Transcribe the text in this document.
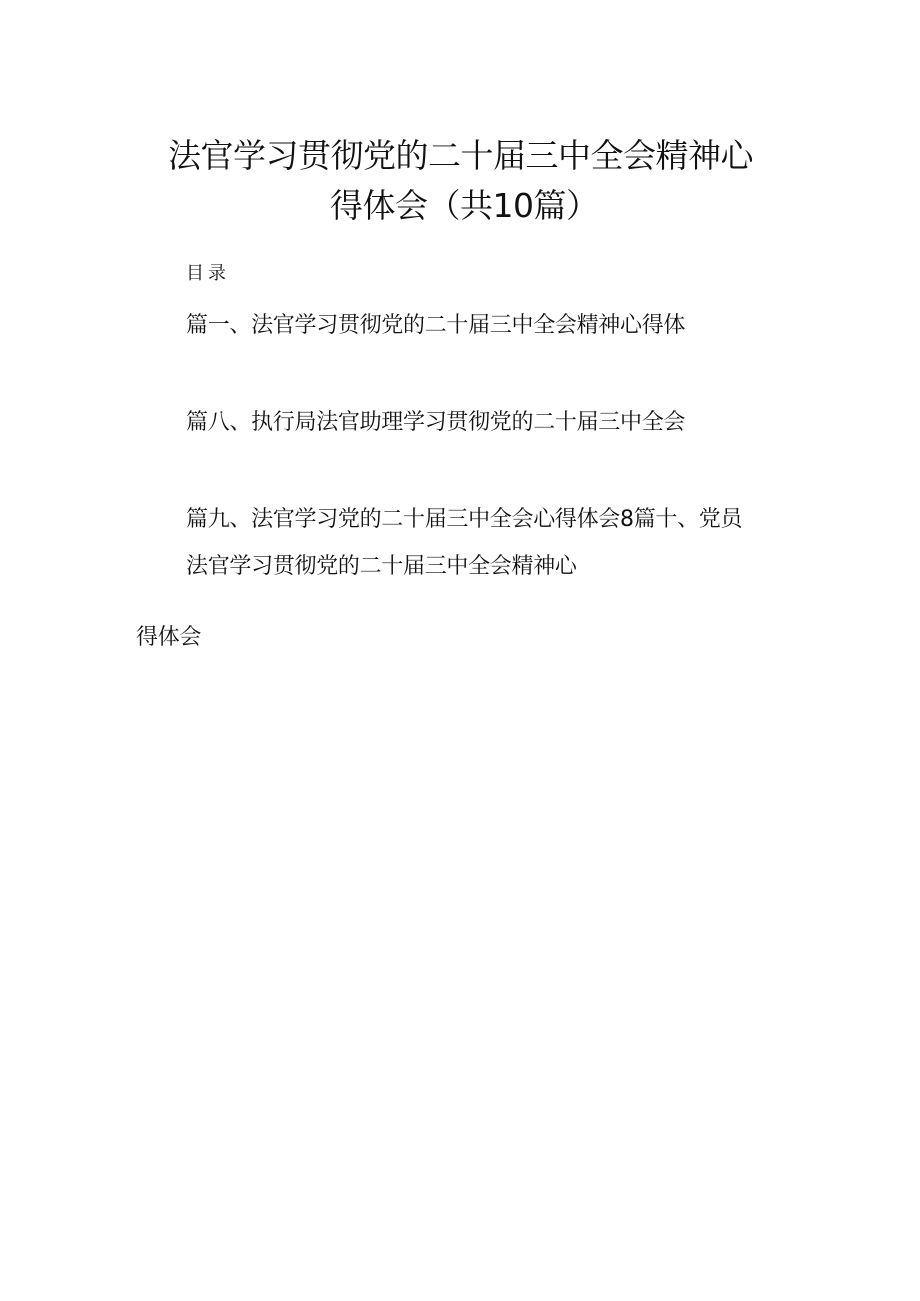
法官学习贯彻党的二十届三中全会精神心
得体会（共10篇）
目录
篇一、法官学习贯彻党的二十届三中全会精神心得体
篇八、执行局法官助理学习贯彻党的二十届三中全会
篇九、法官学习党的二十届三中全会心得体会8篇十、党员
法官学习贯彻党的二十届三中全会精神心
得体会
